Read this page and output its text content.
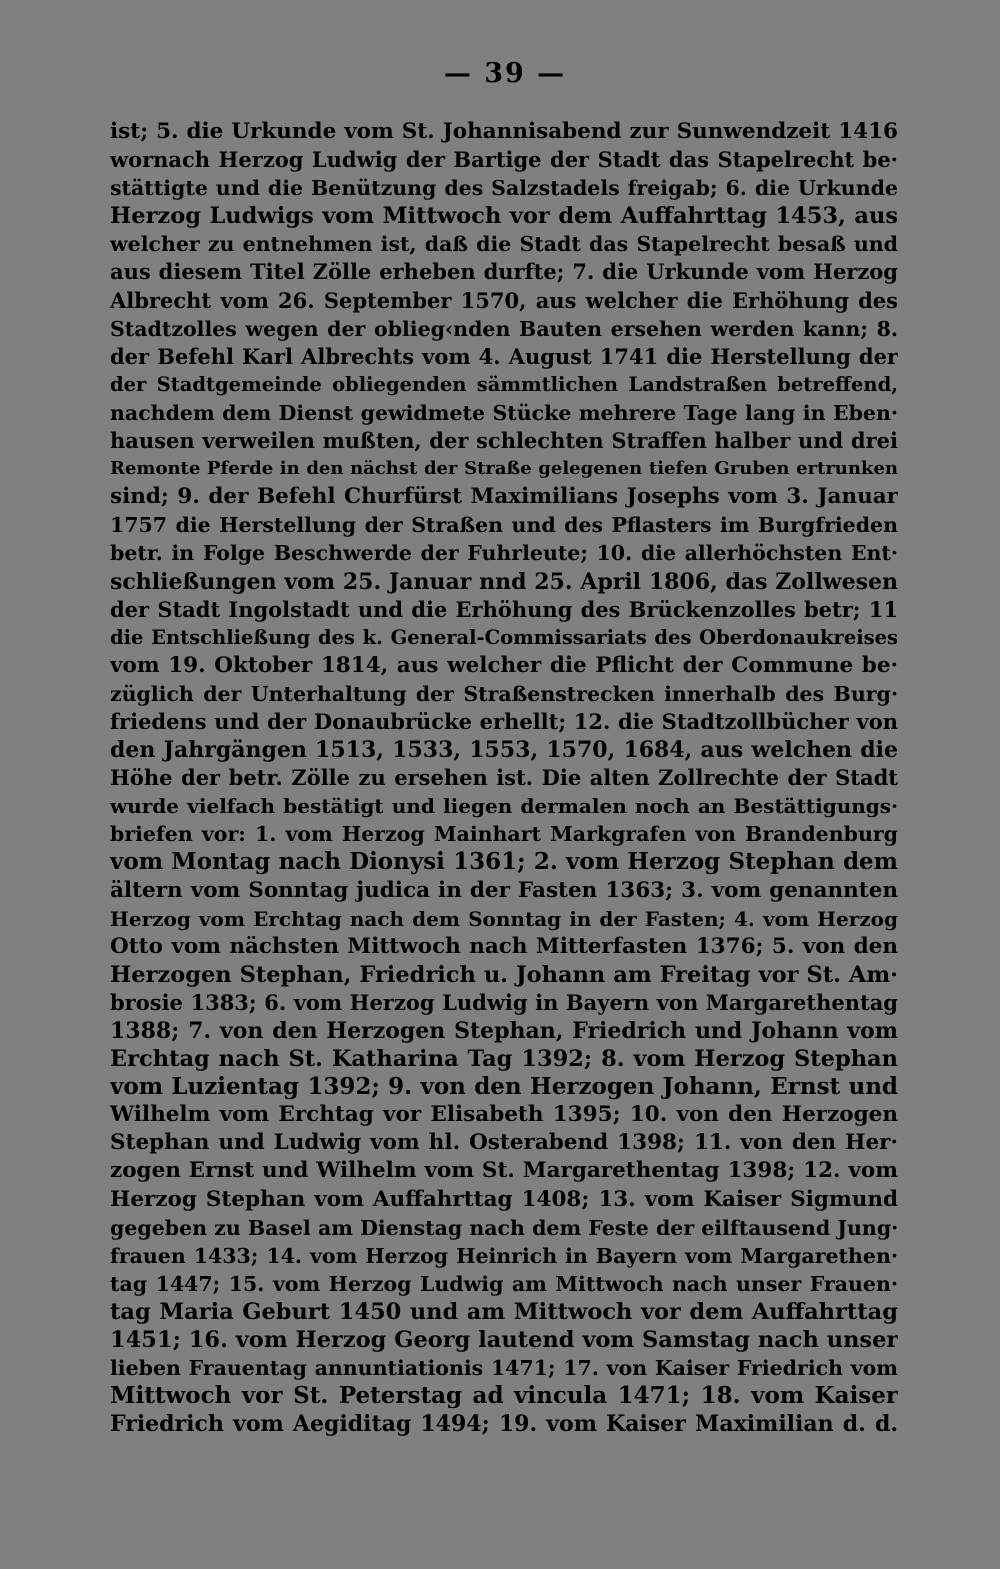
— 39 —
ist; 5. die Urkunde vom St. Johannisabend zur Sunwendzeit 1416
wornach Herzog Ludwig der Bartige der Stadt das Stapelrecht be·
stättigte und die Benützung des Salzstadels freigab; 6. die Urkunde
Herzog Ludwigs vom Mittwoch vor dem Auffahrttag 1453, aus
welcher zu entnehmen ist, daß die Stadt das Stapelrecht besaß und
aus diesem Titel Zölle erheben durfte; 7. die Urkunde vom Herzog
Albrecht vom 26. September 1570, aus welcher die Erhöhung des
Stadtzolles wegen der oblieg‹nden Bauten ersehen werden kann; 8.
der Befehl Karl Albrechts vom 4. August 1741 die Herstellung der
der Stadtgemeinde obliegenden sämmtlichen Landstraßen betreffend,
nachdem dem Dienst gewidmete Stücke mehrere Tage lang in Eben·
hausen verweilen mußten, der schlechten Straffen halber und drei
Remonte Pferde in den nächst der Straße gelegenen tiefen Gruben ertrunken
sind; 9. der Befehl Churfürst Maximilians Josephs vom 3. Januar
1757 die Herstellung der Straßen und des Pflasters im Burgfrieden
betr. in Folge Beschwerde der Fuhrleute; 10. die allerhöchsten Ent·
schließungen vom 25. Januar nnd 25. April 1806, das Zollwesen
der Stadt Ingolstadt und die Erhöhung des Brückenzolles betr; 11
die Entschließung des k. General-Commissariats des Oberdonaukreises
vom 19. Oktober 1814, aus welcher die Pflicht der Commune be·
züglich der Unterhaltung der Straßenstrecken innerhalb des Burg·
friedens und der Donaubrücke erhellt; 12. die Stadtzollbücher von
den Jahrgängen 1513, 1533, 1553, 1570, 1684, aus welchen die
Höhe der betr. Zölle zu ersehen ist. Die alten Zollrechte der Stadt
wurde vielfach bestätigt und liegen dermalen noch an Bestättigungs·
briefen vor: 1. vom Herzog Mainhart Markgrafen von Brandenburg
vom Montag nach Dionysi 1361; 2. vom Herzog Stephan dem
ältern vom Sonntag judica in der Fasten 1363; 3. vom genannten
Herzog vom Erchtag nach dem Sonntag in der Fasten; 4. vom Herzog
Otto vom nächsten Mittwoch nach Mitterfasten 1376; 5. von den
Herzogen Stephan, Friedrich u. Johann am Freitag vor St. Am·
brosie 1383; 6. vom Herzog Ludwig in Bayern von Margarethentag
1388; 7. von den Herzogen Stephan, Friedrich und Johann vom
Erchtag nach St. Katharina Tag 1392; 8. vom Herzog Stephan
vom Luzientag 1392; 9. von den Herzogen Johann, Ernst und
Wilhelm vom Erchtag vor Elisabeth 1395; 10. von den Herzogen
Stephan und Ludwig vom hl. Osterabend 1398; 11. von den Her·
zogen Ernst und Wilhelm vom St. Margarethentag 1398; 12. vom
Herzog Stephan vom Auffahrttag 1408; 13. vom Kaiser Sigmund
gegeben zu Basel am Dienstag nach dem Feste der eilftausend Jung·
frauen 1433; 14. vom Herzog Heinrich in Bayern vom Margarethen·
tag 1447; 15. vom Herzog Ludwig am Mittwoch nach unser Frauen·
tag Maria Geburt 1450 und am Mittwoch vor dem Auffahrttag
1451; 16. vom Herzog Georg lautend vom Samstag nach unser
lieben Frauentag annuntiationis 1471; 17. von Kaiser Friedrich vom
Mittwoch vor St. Peterstag ad vincula 1471; 18. vom Kaiser
Friedrich vom Aegiditag 1494; 19. vom Kaiser Maximilian d. d.
